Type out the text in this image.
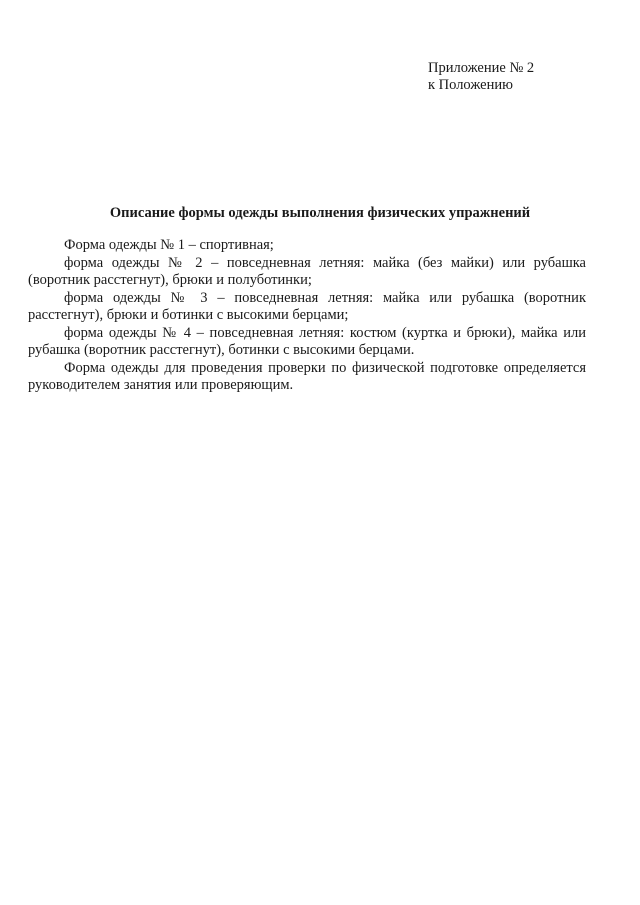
Приложение № 2
к Положению
Описание формы одежды выполнения физических упражнений

Форма одежды № 1 – спортивная;

форма одежды № 2 – повседневная летняя: майка (без майки) или рубашка (воротник расстегнут), брюки и полуботинки;

форма одежды № 3 – повседневная летняя: майка или рубашка (воротник расстегнут), брюки и ботинки с высокими берцами;

форма одежды № 4 – повседневная летняя: костюм (куртка и брюки), майка или рубашка (воротник расстегнут), ботинки с высокими берцами.

Форма одежды для проведения проверки по физической подготовке определяется руководителем занятия или проверяющим.
